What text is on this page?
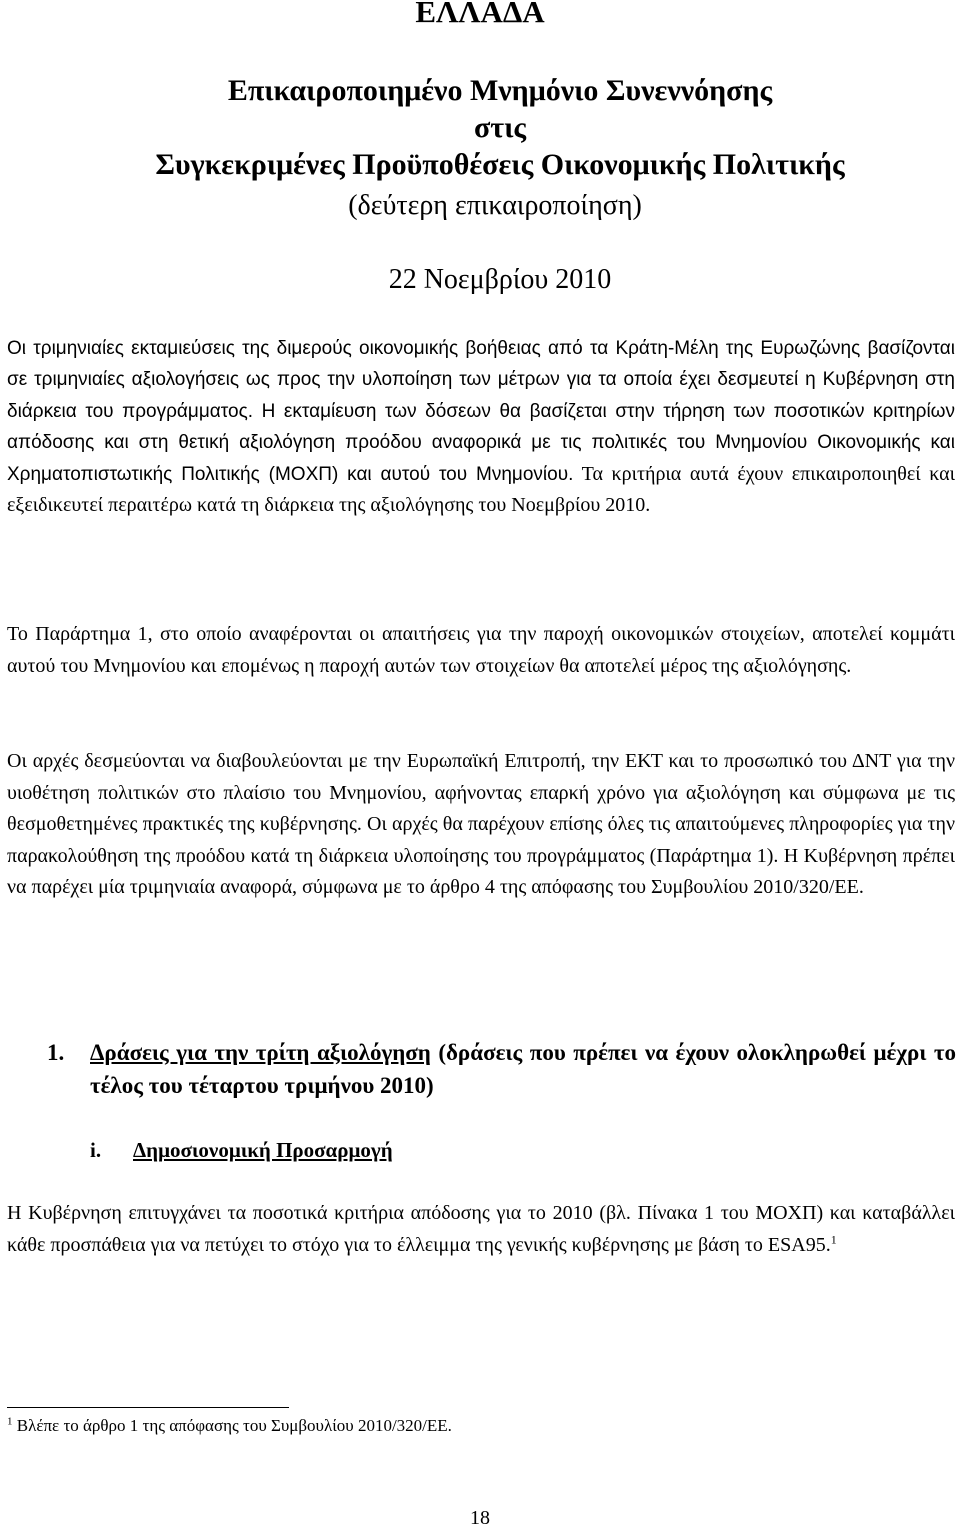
ΕΛΛΑΔΑ
Επικαιροποιημένο Μνημόνιο Συνεννόησης
στις
Συγκεκριμένες Προϋποθέσεις Οικονομικής Πολιτικής
(δεύτερη επικαιροποίηση)
22 Νοεμβρίου 2010

Οι τριμηνιαίες εκταμιεύσεις της διμερούς οικονομικής βοήθειας από τα Κράτη-Μέλη της Ευρωζώνης βασίζονται σε τριμηνιαίες αξιολογήσεις ως προς την υλοποίηση των μέτρων για τα οποία έχει δεσμευτεί η Κυβέρνηση στη διάρκεια του προγράμματος. Η εκταμίευση των δόσεων θα βασίζεται στην τήρηση των ποσοτικών κριτηρίων απόδοσης και στη θετική αξιολόγηση προόδου αναφορικά με τις πολιτικές του Μνημονίου Οικονομικής και Χρηματοπιστωτικής Πολιτικής (ΜΟΧΠ) και αυτού του Μνημονίου. Τα κριτήρια αυτά έχουν επικαιροποιηθεί και εξειδικευτεί περαιτέρω κατά τη διάρκεια της αξιολόγησης του Νοεμβρίου 2010.

Το Παράρτημα 1, στο οποίο αναφέρονται οι απαιτήσεις για την παροχή οικονομικών στοιχείων, αποτελεί κομμάτι αυτού του Μνημονίου και επομένως η παροχή αυτών των στοιχείων θα αποτελεί μέρος της αξιολόγησης.

Οι αρχές δεσμεύονται να διαβουλεύονται με την Ευρωπαϊκή Επιτροπή, την ΕΚΤ και το προσωπικό του ΔΝΤ για την υιοθέτηση πολιτικών στο πλαίσιο του Μνημονίου, αφήνοντας επαρκή χρόνο για αξιολόγηση και σύμφωνα με τις θεσμοθετημένες πρακτικές της κυβέρνησης. Οι αρχές θα παρέχουν επίσης όλες τις απαιτούμενες πληροφορίες για την παρακολούθηση της προόδου κατά τη διάρκεια υλοποίησης του προγράμματος (Παράρτημα 1). Η Κυβέρνηση πρέπει να παρέχει μία τριμηνιαία αναφορά, σύμφωνα με το άρθρο 4 της απόφασης του Συμβουλίου 2010/320/ΕΕ.

1. Δράσεις για την τρίτη αξιολόγηση (δράσεις που πρέπει να έχουν ολοκληρωθεί μέχρι το τέλος του τέταρτου τριμήνου 2010)
i. Δημοσιονομική Προσαρμογή

Η Κυβέρνηση επιτυγχάνει τα ποσοτικά κριτήρια απόδοσης για το 2010 (βλ. Πίνακα 1 του ΜΟΧΠ) και καταβάλλει κάθε προσπάθεια για να πετύχει το στόχο για το έλλειμμα της γενικής κυβέρνησης με βάση το ESA95.$^1$

$^1$ Βλέπε το άρθρο 1 της απόφασης του Συμβουλίου 2010/320/ΕΕ.
18
